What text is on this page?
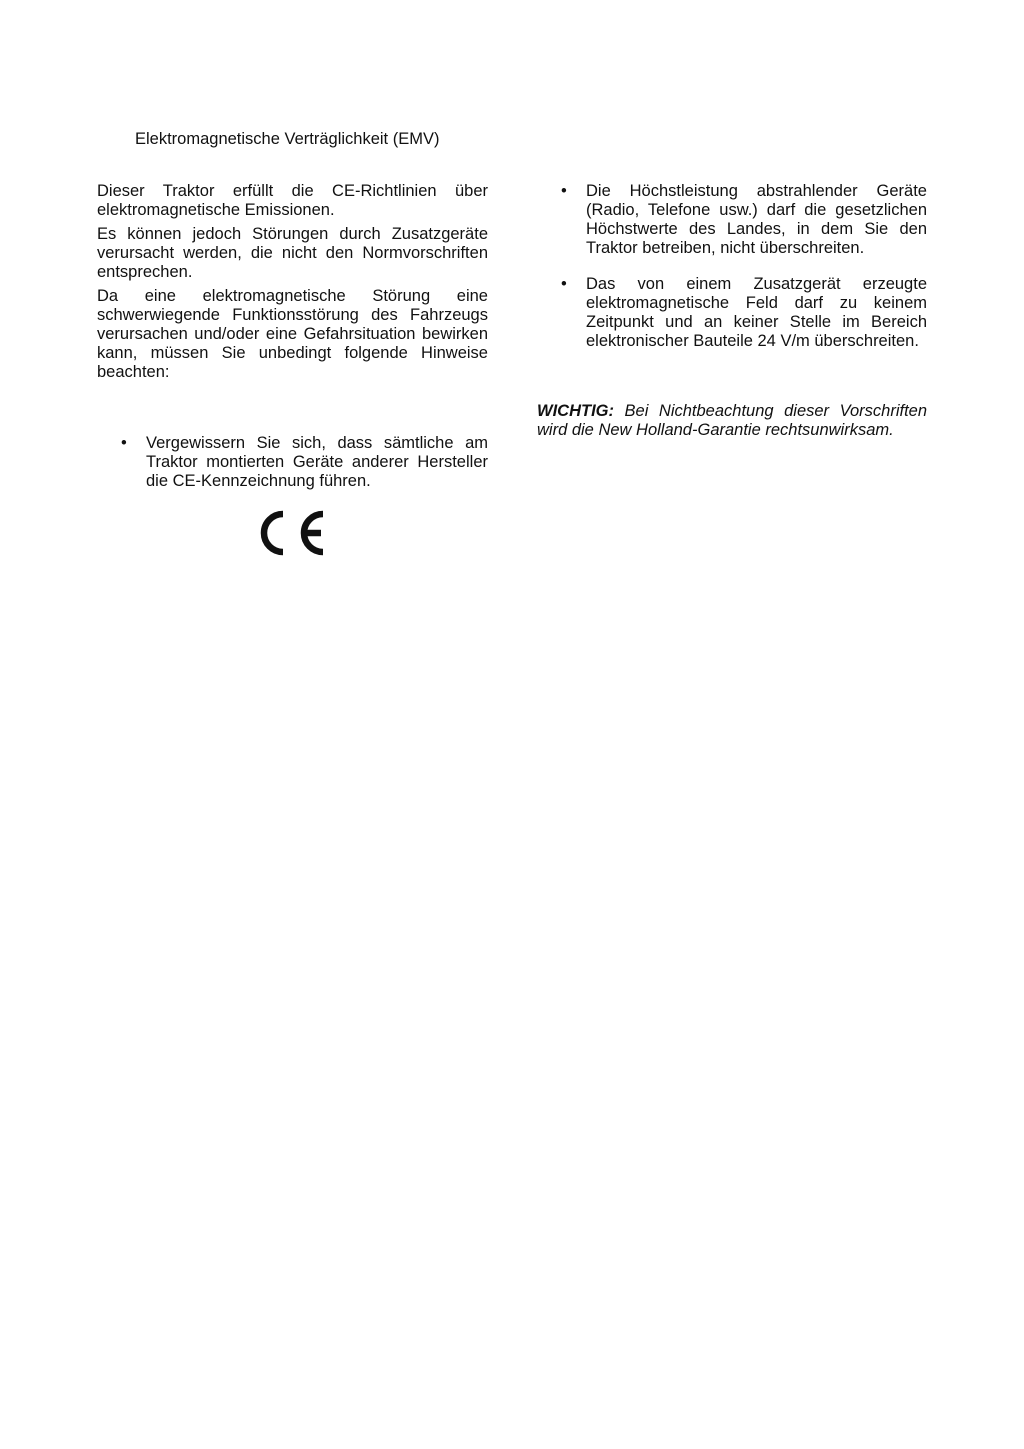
Elektromagnetische Verträglichkeit (EMV)

Dieser Traktor erfüllt die CE-Richtlinien über elektromagnetische Emissionen.

Es können jedoch Störungen durch Zusatzgeräte verursacht werden, die nicht den Normvorschriften entsprechen.

Da eine elektromagnetische Störung eine schwerwiegende Funktionsstörung des Fahrzeugs verursachen und/oder eine Gefahrsituation bewirken kann, müssen Sie unbedingt folgende Hinweise beachten:

• Vergewissern Sie sich, dass sämtliche am Traktor montierten Geräte anderer Hersteller die CE-Kennzeichnung führen.
• Die Höchstleistung abstrahlender Geräte (Radio, Telefone usw.) darf die gesetzlichen Höchstwerte des Landes, in dem Sie den Traktor betreiben, nicht überschreiten.
• Das von einem Zusatzgerät erzeugte elektromagnetische Feld darf zu keinem Zeitpunkt und an keiner Stelle im Bereich elektronischer Bauteile 24 V/m überschreiten.

WICHTIG: Bei Nichtbeachtung dieser Vorschriften wird die New Holland-Garantie rechtsunwirksam.
